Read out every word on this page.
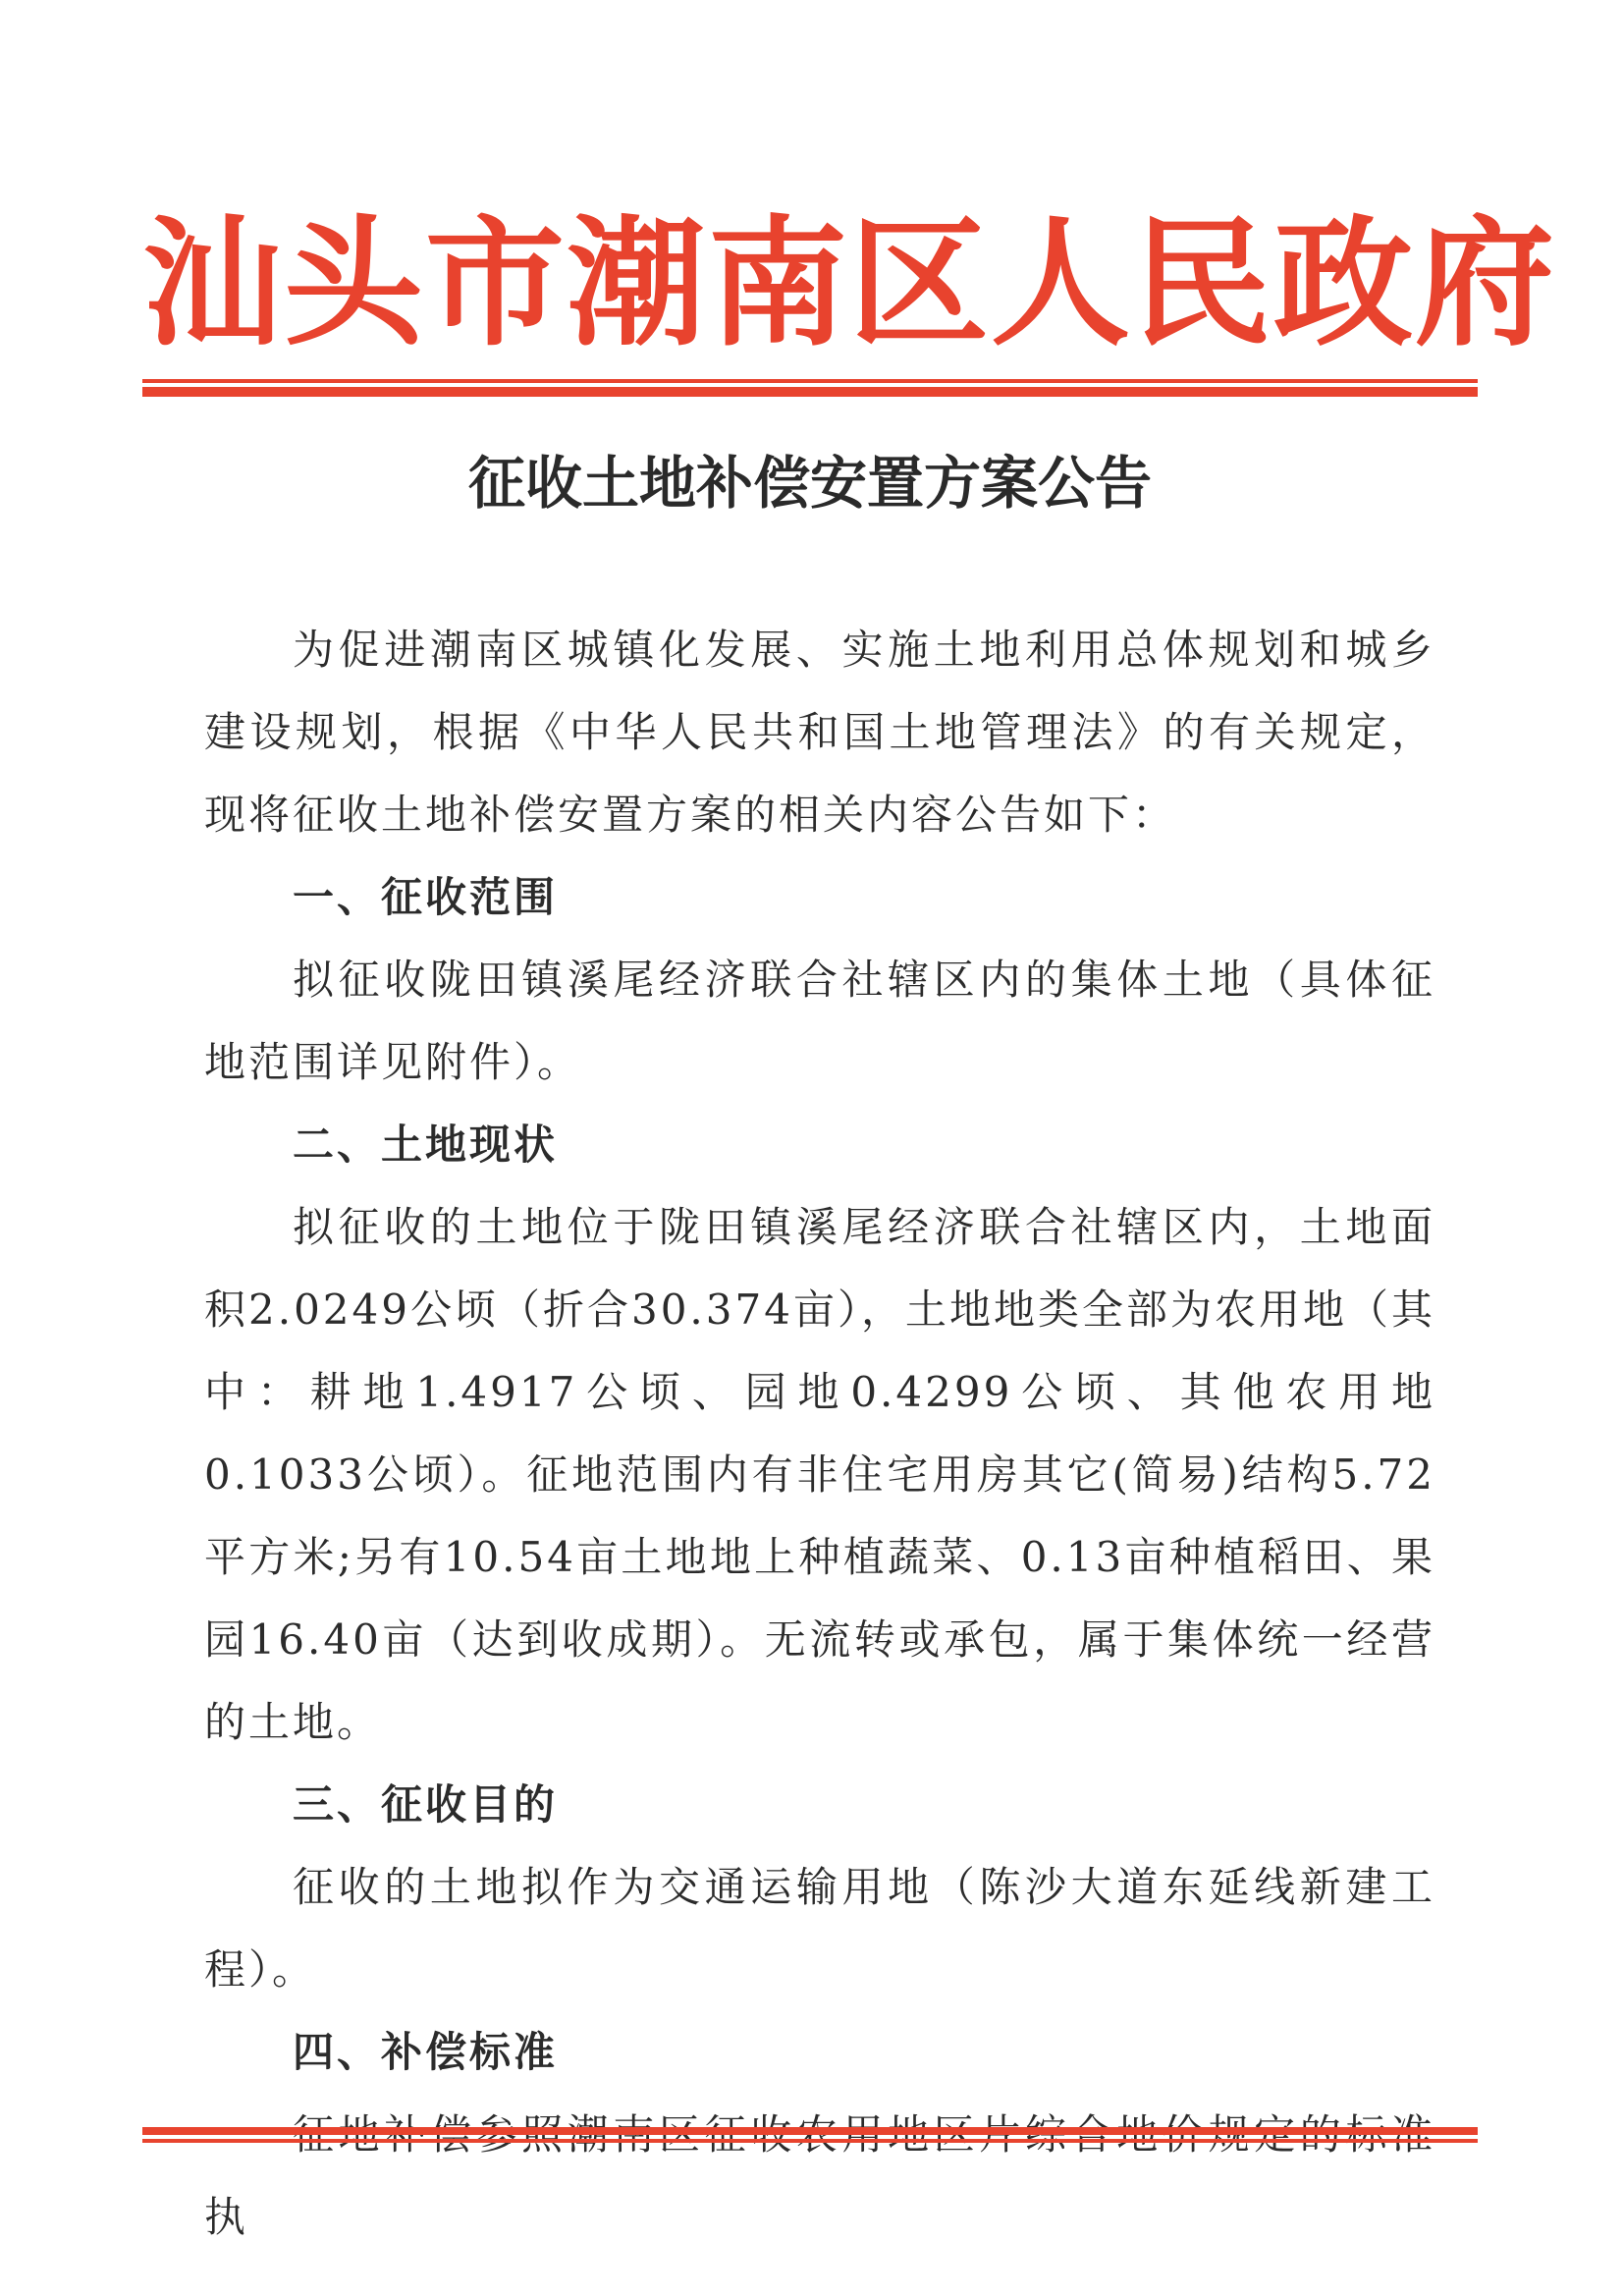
汕头市潮南区人民政府
征收土地补偿安置方案公告

为促进潮南区城镇化发展、实施土地利用总体规划和城乡建设规划，根据《中华人民共和国土地管理法》的有关规定，现将征收土地补偿安置方案的相关内容公告如下：

一、征收范围

拟征收陇田镇溪尾经济联合社辖区内的集体土地（具体征地范围详见附件）。

二、土地现状

拟征收的土地位于陇田镇溪尾经济联合社辖区内，土地面积2.0249公顷（折合30.374亩），土地地类全部为农用地（其中：耕地1.4917公顷、园地0.4299公顷、其他农用地0.1033公顷）。征地范围内有非住宅用房其它(简易)结构5.72平方米;另有10.54亩土地地上种植蔬菜、0.13亩种植稻田、果园16.40亩（达到收成期）。无流转或承包，属于集体统一经营的土地。

三、征收目的

征收的土地拟作为交通运输用地（陈沙大道东延线新建工程）。

四、补偿标准

执
